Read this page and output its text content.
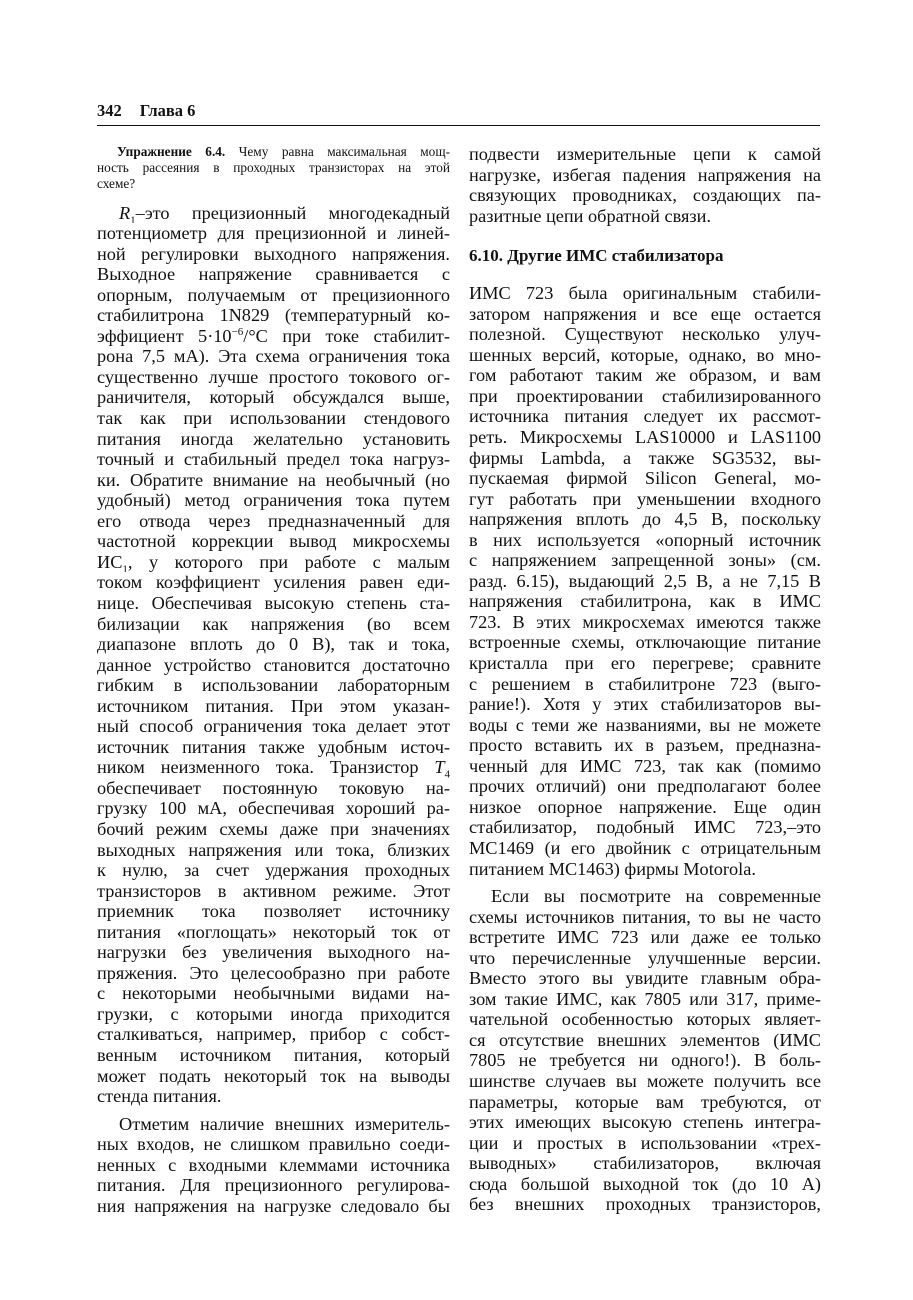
342 Глава 6
Упражнение 6.4. Чему равна максимальная мощ-
ность рассеяния в проходных транзисторах на этой
схеме?
$R_1$–это прецизионный многодекадный
потенциометр для прецизионной и линей-
ной регулировки выходного напряжения.
Выходное напряжение сравнивается с
опорным, получаемым от прецизионного
стабилитрона 1N829 (температурный ко-
эффициент $5\cdot 10^{-6}/^\circ C$ при токе стабилит-
рона 7,5 мА). Эта схема ограничения тока
существенно лучше простого токового ог-
раничителя, который обсуждался выше,
так как при использовании стендового
питания иногда желательно установить
точный и стабильный предел тока нагруз-
ки. Обратите внимание на необычный (но
удобный) метод ограничения тока путем
его отвода через предназначенный для
частотной коррекции вывод микросхемы
$ИС_1$, у которого при работе с малым
током коэффициент усиления равен еди-
нице. Обеспечивая высокую степень ста-
билизации как напряжения (во всем
диапазоне вплоть до 0 В), так и тока,
данное устройство становится достаточно
гибким в использовании лабораторным
источником питания. При этом указан-
ный способ ограничения тока делает этот
источник питания также удобным источ-
ником неизменного тока. Транзистор $T_4$
обеспечивает постоянную токовую на-
грузку 100 мА, обеспечивая хороший ра-
бочий режим схемы даже при значениях
выходных напряжения или тока, близких
к нулю, за счет удержания проходных
транзисторов в активном режиме. Этот
приемник тока позволяет источнику
питания «поглощать» некоторый ток от
нагрузки без увеличения выходного на-
пряжения. Это целесообразно при работе
с некоторыми необычными видами на-
грузки, с которыми иногда приходится
сталкиваться, например, прибор с собст-
венным источником питания, который
может подать некоторый ток на выводы
стенда питания.
Отметим наличие внешних измеритель-
ных входов, не слишком правильно соеди-
ненных с входными клеммами источника
питания. Для прецизионного регулирова-
ния напряжения на нагрузке следовало бы
подвести измерительные цепи к самой
нагрузке, избегая падения напряжения на
связующих проводниках, создающих па-
разитные цепи обратной связи.
6.10. Другие ИМС стабилизатора
ИМС 723 была оригинальным стабили-
затором напряжения и все еще остается
полезной. Существуют несколько улуч-
шенных версий, которые, однако, во мно-
гом работают таким же образом, и вам
при проектировании стабилизированного
источника питания следует их рассмот-
реть. Микросхемы LAS10000 и LAS1100
фирмы Lambda, а также SG3532, вы-
пускаемая фирмой Silicon General, мо-
гут работать при уменьшении входного
напряжения вплоть до 4,5 В, поскольку
в них используется «опорный источник
с напряжением запрещенной зоны» (см.
разд. 6.15), выдающий 2,5 В, а не 7,15 В
напряжения стабилитрона, как в ИМС
723. В этих микросхемах имеются также
встроенные схемы, отключающие питание
кристалла при его перегреве; сравните
с решением в стабилитроне 723 (выго-
рание!). Хотя у этих стабилизаторов вы-
воды с теми же названиями, вы не можете
просто вставить их в разъем, предназна-
ченный для ИМС 723, так как (помимо
прочих отличий) они предполагают более
низкое опорное напряжение. Еще один
стабилизатор, подобный ИМС 723,–это
MC1469 (и его двойник с отрицательным
питанием MC1463) фирмы Motorola.
Если вы посмотрите на современные
схемы источников питания, то вы не часто
встретите ИМС 723 или даже ее только
что перечисленные улучшенные версии.
Вместо этого вы увидите главным обра-
зом такие ИМС, как 7805 или 317, приме-
чательной особенностью которых являет-
ся отсутствие внешних элементов (ИМС
7805 не требуется ни одного!). В боль-
шинстве случаев вы можете получить все
параметры, которые вам требуются, от
этих имеющих высокую степень интегра-
ции и простых в использовании «трех-
выводных» стабилизаторов, включая
сюда большой выходной ток (до 10 А)
без внешних проходных транзисторов,
